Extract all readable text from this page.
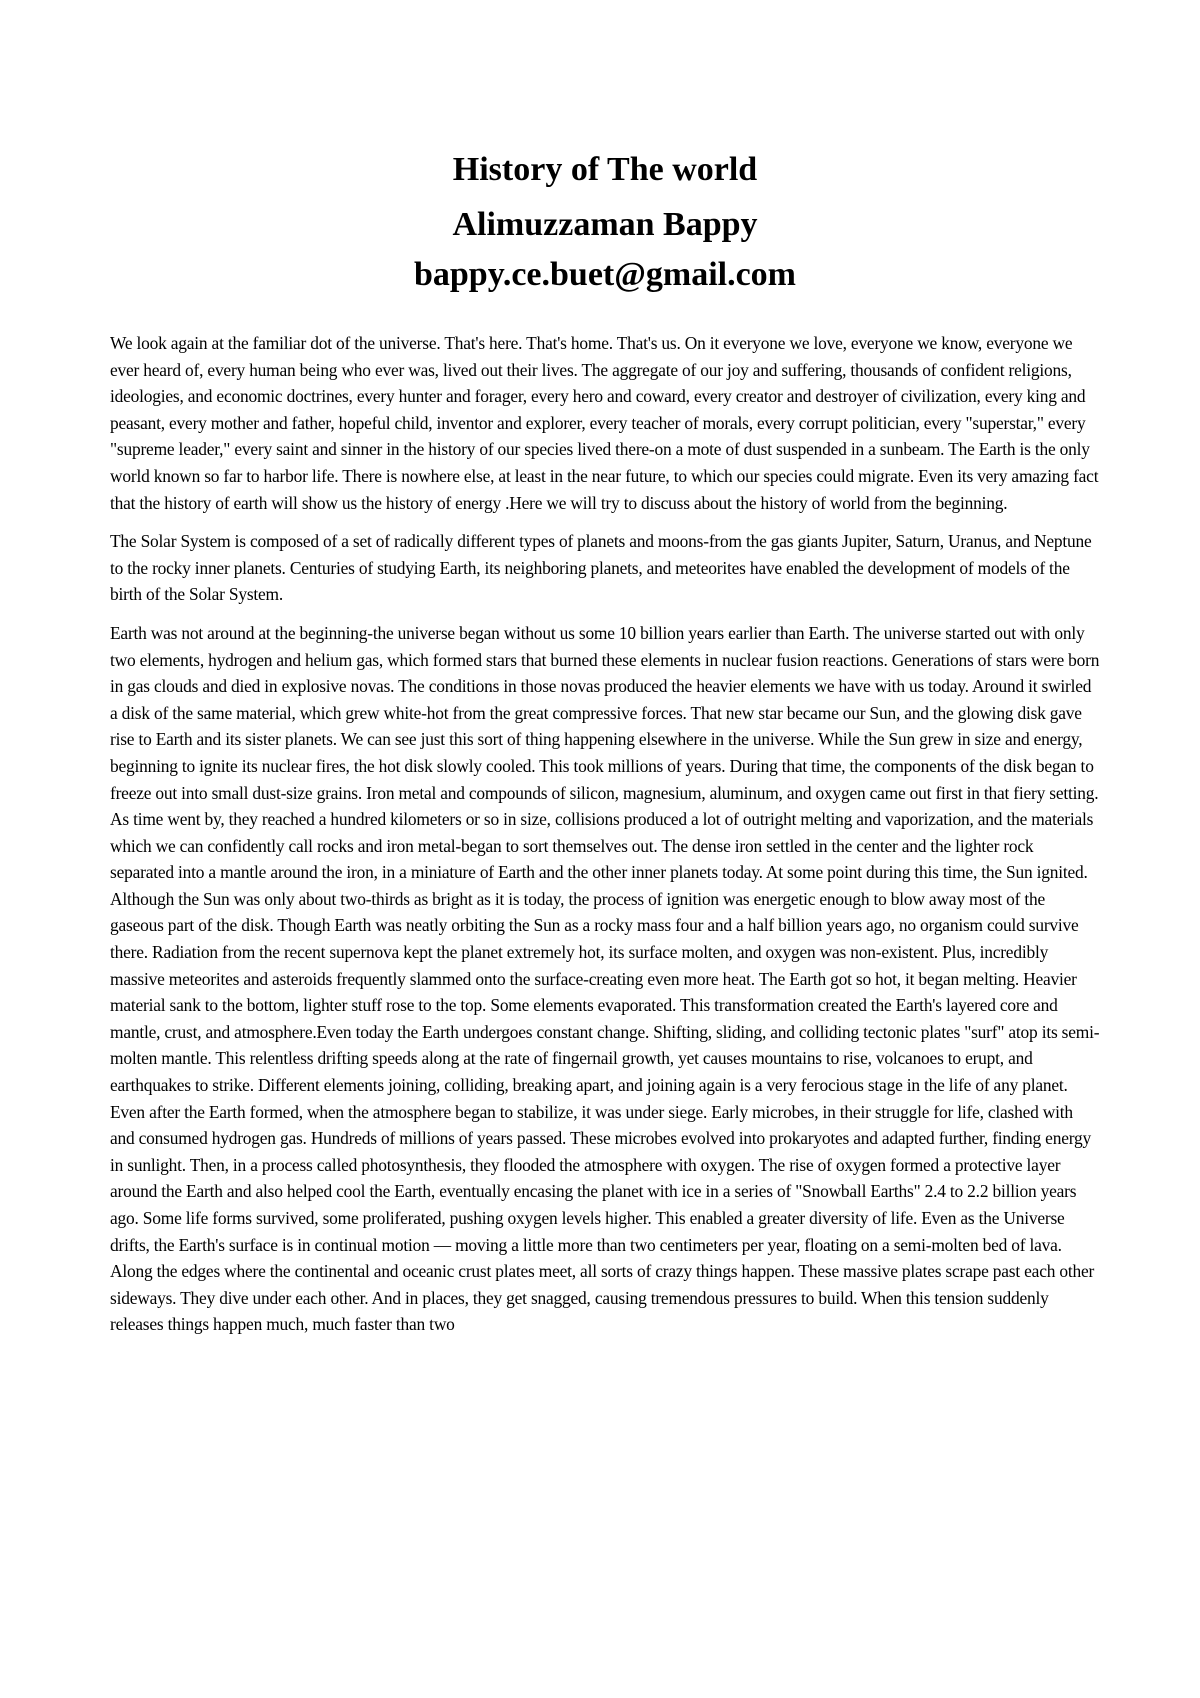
History of The world
Alimuzzaman Bappy
bappy.ce.buet@gmail.com

We look again at the familiar dot of the universe. That's here. That's home. That's us. On it everyone we love, everyone we know, everyone we ever heard of, every human being who ever was, lived out their lives. The aggregate of our joy and suffering, thousands of confident religions, ideologies, and economic doctrines, every hunter and forager, every hero and coward, every creator and destroyer of civilization, every king and peasant, every mother and father, hopeful child, inventor and explorer, every teacher of morals, every corrupt politician, every "superstar," every "supreme leader," every saint and sinner in the history of our species lived there-on a mote of dust suspended in a sunbeam. The Earth is the only world known so far to harbor life. There is nowhere else, at least in the near future, to which our species could migrate. Even its very amazing fact that the history of earth will show us the history of energy .Here we will try to discuss about the history of world from the beginning.

The Solar System is composed of a set of radically different types of planets and moons-from the gas giants Jupiter, Saturn, Uranus, and Neptune to the rocky inner planets. Centuries of studying Earth, its neighboring planets, and meteorites have enabled the development of models of the birth of the Solar System.

Earth was not around at the beginning-the universe began without us some 10 billion years earlier than Earth. The universe started out with only two elements, hydrogen and helium gas, which formed stars that burned these elements in nuclear fusion reactions. Generations of stars were born in gas clouds and died in explosive novas. The conditions in those novas produced the heavier elements we have with us today. Around it swirled a disk of the same material, which grew white-hot from the great compressive forces. That new star became our Sun, and the glowing disk gave rise to Earth and its sister planets. We can see just this sort of thing happening elsewhere in the universe. While the Sun grew in size and energy, beginning to ignite its nuclear fires, the hot disk slowly cooled. This took millions of years. During that time, the components of the disk began to freeze out into small dust-size grains. Iron metal and compounds of silicon, magnesium, aluminum, and oxygen came out first in that fiery setting. As time went by, they reached a hundred kilometers or so in size, collisions produced a lot of outright melting and vaporization, and the materials which we can confidently call rocks and iron metal-began to sort themselves out. The dense iron settled in the center and the lighter rock separated into a mantle around the iron, in a miniature of Earth and the other inner planets today. At some point during this time, the Sun ignited. Although the Sun was only about two-thirds as bright as it is today, the process of ignition was energetic enough to blow away most of the gaseous part of the disk. Though Earth was neatly orbiting the Sun as a rocky mass four and a half billion years ago, no organism could survive there. Radiation from the recent supernova kept the planet extremely hot, its surface molten, and oxygen was non-existent. Plus, incredibly massive meteorites and asteroids frequently slammed onto the surface-creating even more heat. The Earth got so hot, it began melting. Heavier material sank to the bottom, lighter stuff rose to the top. Some elements evaporated. This transformation created the Earth's layered core and mantle, crust, and atmosphere.Even today the Earth undergoes constant change. Shifting, sliding, and colliding tectonic plates "surf" atop its semi-molten mantle. This relentless drifting speeds along at the rate of fingernail growth, yet causes mountains to rise, volcanoes to erupt, and earthquakes to strike. Different elements joining, colliding, breaking apart, and joining again is a very ferocious stage in the life of any planet. Even after the Earth formed, when the atmosphere began to stabilize, it was under siege. Early microbes, in their struggle for life, clashed with and consumed hydrogen gas. Hundreds of millions of years passed. These microbes evolved into prokaryotes and adapted further, finding energy in sunlight. Then, in a process called photosynthesis, they flooded the atmosphere with oxygen. The rise of oxygen formed a protective layer around the Earth and also helped cool the Earth, eventually encasing the planet with ice in a series of "Snowball Earths" 2.4 to 2.2 billion years ago. Some life forms survived, some proliferated, pushing oxygen levels higher. This enabled a greater diversity of life. Even as the Universe drifts, the Earth's surface is in continual motion — moving a little more than two centimeters per year, floating on a semi-molten bed of lava. Along the edges where the continental and oceanic crust plates meet, all sorts of crazy things happen. These massive plates scrape past each other sideways. They dive under each other. And in places, they get snagged, causing tremendous pressures to build. When this tension suddenly releases things happen much, much faster than two
